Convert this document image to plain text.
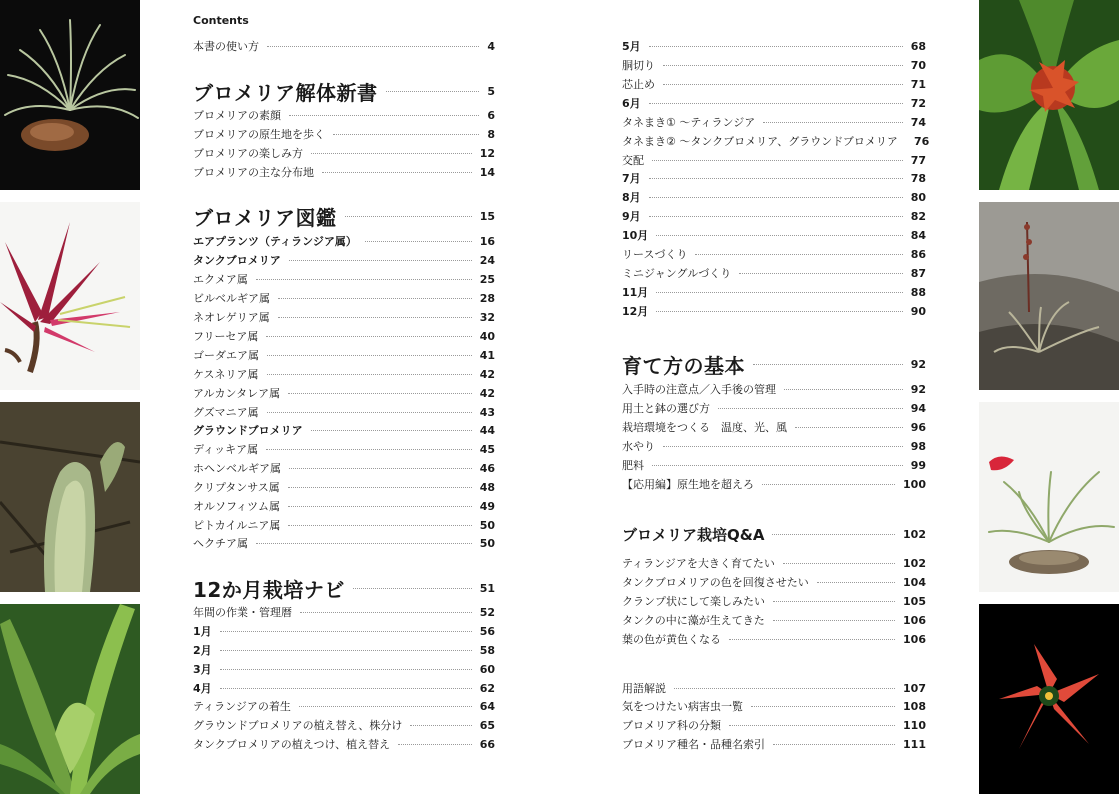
Contents
本書の使い方	4
ブロメリア解体新書	5
ブロメリアの素顔	6
ブロメリアの原生地を歩く	8
ブロメリアの楽しみ方	12
ブロメリアの主な分布地	14
ブロメリア図鑑	15
エアプランツ （ティランジア属）	16
タンクブロメリア	24
エクメア属	25
ビルベルギア属	28
ネオレゲリア属	32
フリーセア属	40
ゴーダエア属	41
ケスネリア属	42
アルカンタレア属	42
グズマニア属	43
グラウンドブロメリア	44
ディッキア属	45
ホヘンベルギア属	46
クリプタンサス属	48
オルソフィツム属	49
ピトカイルニア属	50
ヘクチア属	50
12か月栽培ナビ	51
年間の作業・管理暦	52
1月	56
2月	58
3月	60
4月	62
ティランジアの着生	64
グラウンドブロメリアの植え替え、株分け	65
タンクブロメリアの植えつけ、植え替え	66
5月	68
胴切り	70
芯止め	71
6月	72
タネまき① 〜ティランジア	74
タネまき② 〜タンクブロメリア、グラウンドブロメリア 76
交配	77
7月	78
8月	80
9月	82
10月	84
リースづくり	86
ミニジャングルづくり	87
11月	88
12月	90
育て方の基本	92
入手時の注意点／入手後の管理	92
用土と鉢の選び方	94
栽培環境をつくる　温度、光、風	96
水やり	98
肥料	99
【応用編】原生地を超えろ	100
ブロメリア栽培Q&A	102
ティランジアを大きく育てたい	102
タンクブロメリアの色を回復させたい	104
クランプ状にして楽しみたい	105
タンクの中に藻が生えてきた	106
葉の色が黄色くなる	106
用語解説	107
気をつけたい病害虫一覧	108
ブロメリア科の分類	110
ブロメリア種名・品種名索引	111
